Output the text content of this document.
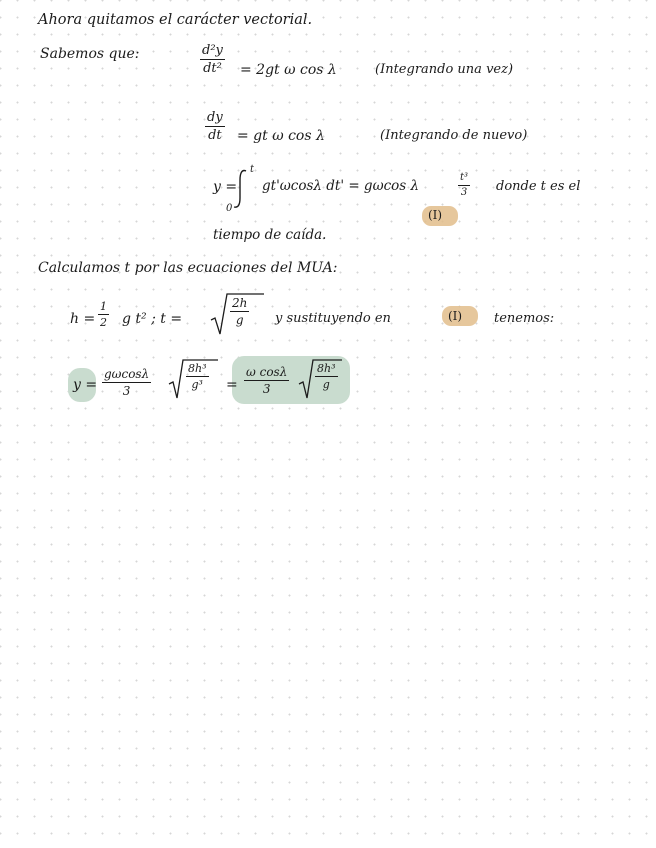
Ahora quitamos el carácter vectorial.
Sabemos que:	$\frac{\text{d²y}}{\text{dt²}} = 2gt$ ω cos λ	(Integrando una vez)
$\frac{dy}{dt}$ = gt ω cos λ	(Integrando de nuevo)
y =
t
0
gt'ωcosλ dt' = gωcos λ	$\frac{\text{t³}}{3}$ donde t es el
(I)
tiempo de caída.
Calculamos t por las ecuaciones del MUA:
$h = \frac{1}{2}$ g t² ; t =	$\frac{2h}{g}$ y sustituyendo en	(I) tenemos:
$y = \frac{g\omega\cos\lambda}{3}$	$\frac{\text{8h³}}{\text{g³}} = \frac{\text{ω cosλ}}{3} \frac{\text{8h³}}{g}$
